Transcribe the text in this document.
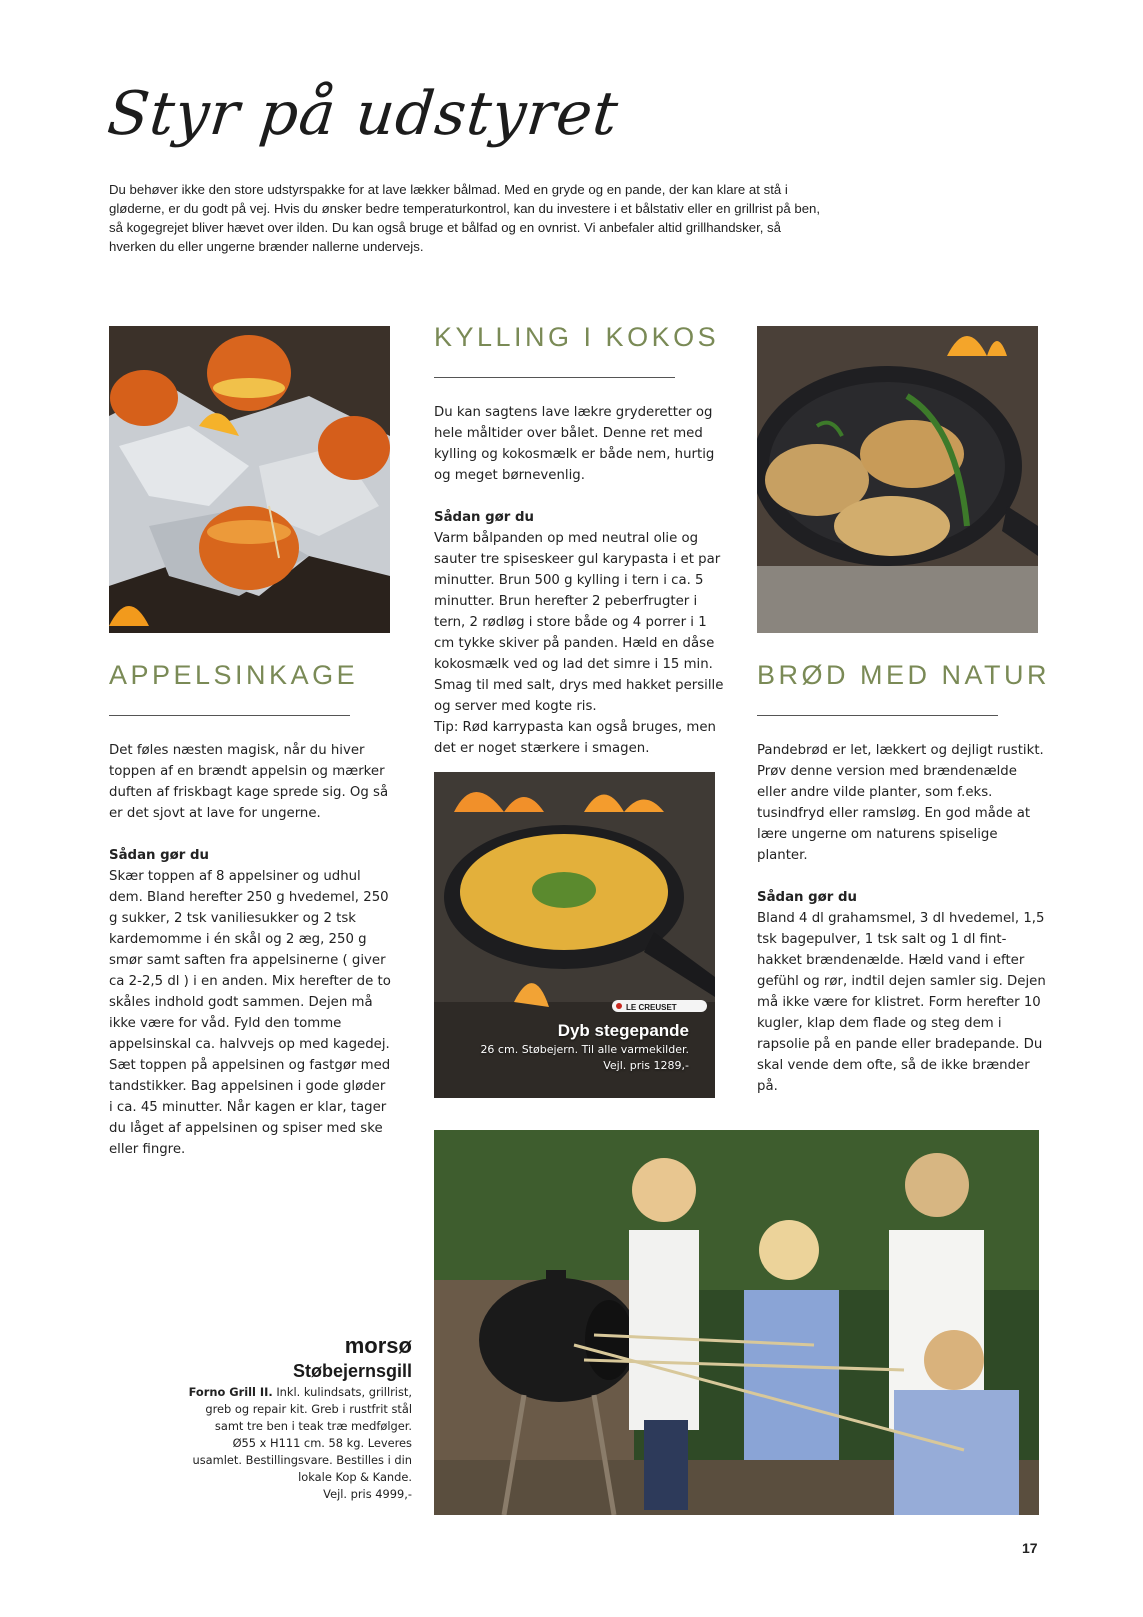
Styr på udstyret
Du behøver ikke den store udstyrspakke for at lave lækker bålmad. Med en gryde og en pande, der kan klare at stå i gløderne, er du godt på vej. Hvis du ønsker bedre temperaturkontrol, kan du investere i et bålstativ eller en grillrist på ben, så kogegrejet bliver hævet over ilden. Du kan også bruge et bålfad og en ovnrist. Vi anbefaler altid grillhandsker, så hverken du eller ungerne brænder nallerne undervejs.
APPELSINKAGE

Det føles næsten magisk, når du hiver toppen af en brændt appelsin og mærker duften af friskbagt kage sprede sig. Og så er det sjovt at lave for ungerne.

Sådan gør du
Skær toppen af 8 appelsiner og udhul dem. Bland herefter 250 g hvedemel, 250 g sukker, 2 tsk vaniliesukker og 2 tsk kardemomme i én skål og 2 æg, 250 g smør samt saften fra appelsinerne ( giver ca 2-2,5 dl ) i en anden. Mix herefter de to skåles indhold godt sammen. Dejen må ikke være for våd. Fyld den tomme appelsinskal ca. halvvejs op med kagedej. Sæt toppen på appelsinen og fastgør med tandstikker. Bag appelsinen i gode gløder i ca. 45 minutter. Når kagen er klar, tager du låget af appelsinen og spiser med ske eller fingre.
KYLLING I KOKOS

Du kan sagtens lave lækre gryderetter og hele måltider over bålet. Denne ret med kylling og kokosmælk er både nem, hurtig og meget børnevenlig.

Sådan gør du
Varm bålpanden op med neutral olie og sauter tre spiseskeer gul karypasta i et par minutter. Brun 500 g kylling i tern i ca. 5 minutter. Brun herefter 2 peberfrugter i tern, 2 rødløg i store både og 4 porrer i 1 cm tykke skiver på panden. Hæld en dåse kokosmælk ved og lad det simre i 15 min. Smag til med salt, drys med hakket persille og server med kogte ris.
Tip: Rød karrypasta kan også bruges, men det er noget stærkere i smagen.
LE CREUSET
Dyb stegepande
26 cm. Støbejern. Til alle varmekilder.
Vejl. pris 1289,-
BRØD MED NATUR

Pandebrød er let, lækkert og dejligt rustikt. Prøv denne version med brændenælde eller andre vilde planter, som f.eks. tusindfryd eller ramsløg. En god måde at lære ungerne om naturens spiselige planter.

Sådan gør du
Bland 4 dl grahamsmel, 3 dl hvedemel, 1,5 tsk bagepulver, 1 tsk salt og 1 dl fint-hakket brændenælde. Hæld vand i efter gefühl og rør, indtil dejen samler sig. Dejen må ikke være for klistret. Form herefter 10 kugler, klap dem flade og steg dem i rapsolie på en pande eller bradepande. Du skal vende dem ofte, så de ikke brænder på.
morsø
Støbejernsgill
Forno Grill II. Inkl. kulindsats, grillrist, greb og repair kit. Greb i rustfrit stål samt tre ben i teak træ medfølger. Ø55 x H111 cm. 58 kg. Leveres usamlet. Bestillingsvare. Bestilles i din lokale Kop & Kande.
Vejl. pris 4999,-
17
